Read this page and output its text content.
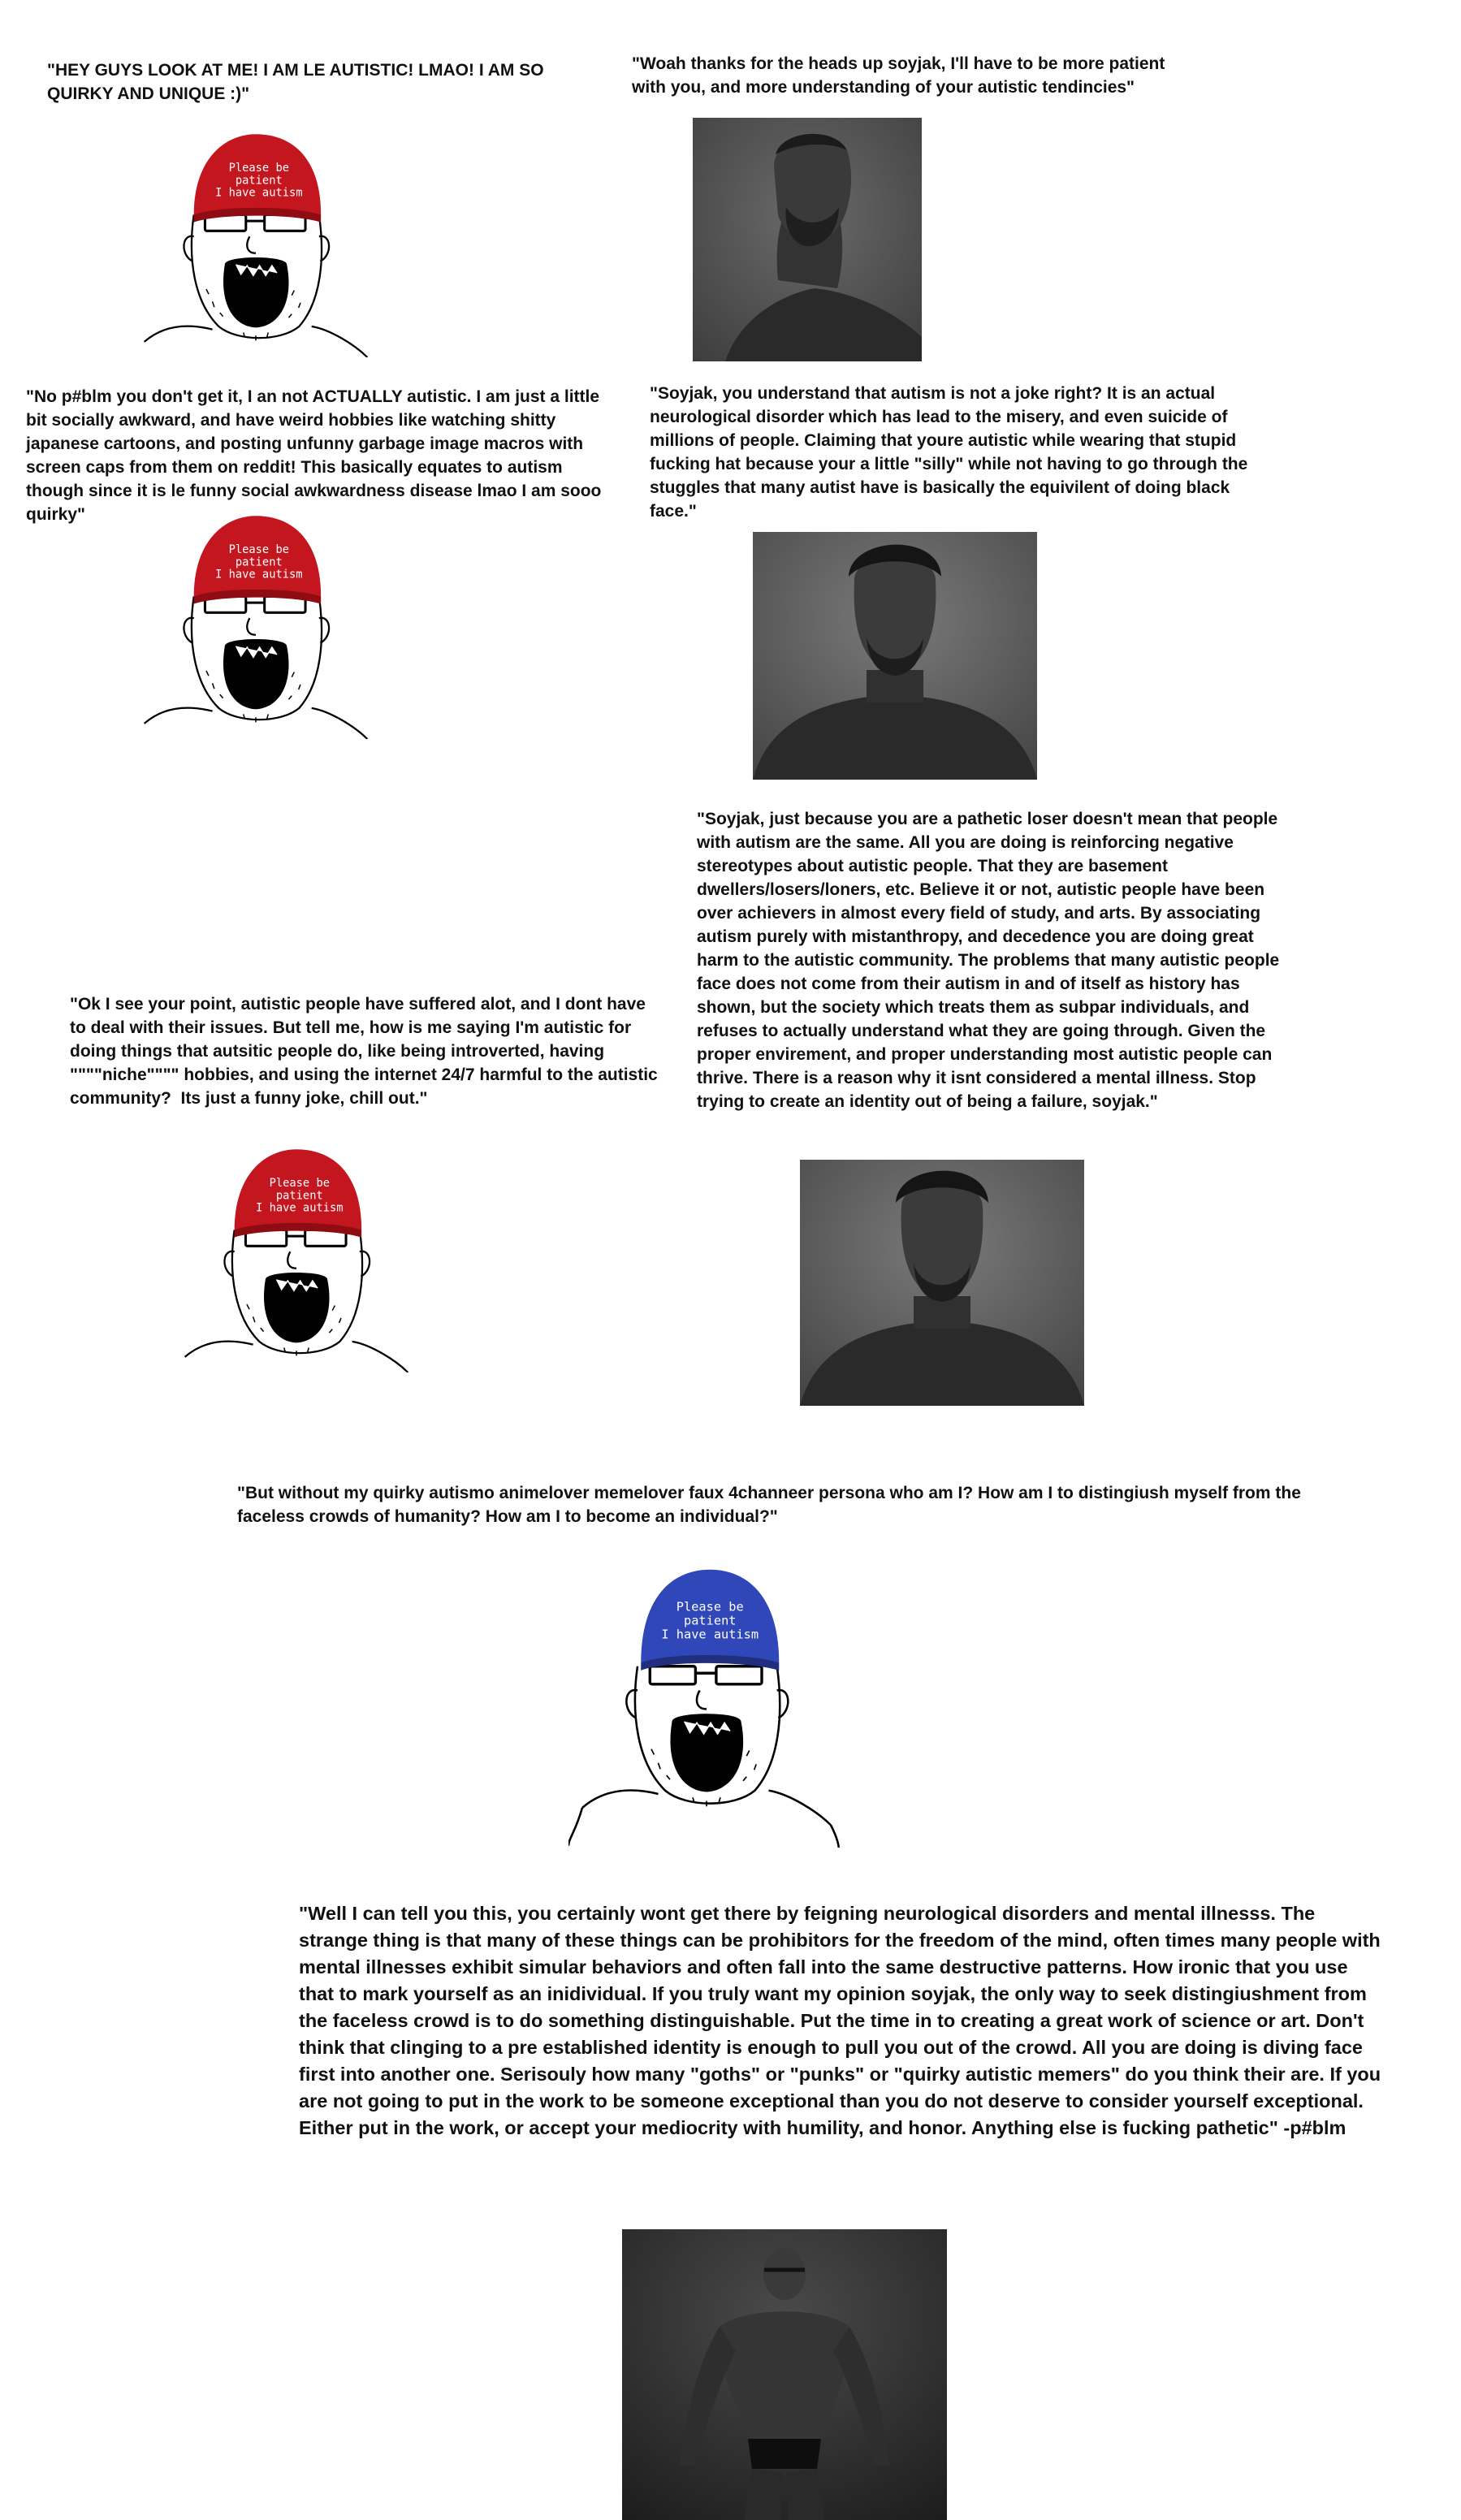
"HEY GUYS LOOK AT ME! I AM LE AUTISTIC! LMAO! I AM SO QUIRKY AND UNIQUE :)"

"Woah thanks for the heads up soyjak, I'll have to be more patient with you, and more understanding of your autistic tendincies"

"No p#blm you don't get it, I an not ACTUALLY autistic. I am just a little bit socially awkward, and have weird hobbies like watching shitty japanese cartoons, and posting unfunny garbage image macros with screen caps from them on reddit! This basically equates to autism though since it is le funny social awkwardness disease lmao I am sooo quirky"

"Soyjak, you understand that autism is not a joke right? It is an actual neurological disorder which has lead to the misery, and even suicide of millions of people. Claiming that youre autistic while wearing that stupid fucking hat because your a little "silly" while not having to go through the stuggles that many autist have is basically the equivilent of doing black face."

"Soyjak, just because you are a pathetic loser doesn't mean that people with autism are the same. All you are doing is reinforcing negative stereotypes about autistic people. That they are basement dwellers/losers/loners, etc. Believe it or not, autistic people have been over achievers in almost every field of study, and arts. By associating autism purely with mistanthropy, and decedence you are doing great harm to the autistic community. The problems that many autistic people face does not come from their autism in and of itself as history has shown, but the society which treats them as subpar individuals, and refuses to actually understand what they are going through. Given the proper envirement, and proper understanding most autistic people can thrive. There is a reason why it isnt considered a mental illness. Stop trying to create an identity out of being a failure, soyjak."

"Ok I see your point, autistic people have suffered alot, and I dont have to deal with their issues. But tell me, how is me saying I'm autistic for doing things that autsitic people do, like being introverted, having """"niche"""" hobbies, and using the internet 24/7 harmful to the autistic community?  Its just a funny joke, chill out."

"But without my quirky autismo animelover memelover faux 4channeer persona who am I? How am I to distingiush myself from the faceless crowds of humanity? How am I to become an individual?"

"Well I can tell you this, you certainly wont get there by feigning neurological disorders and mental illnesss. The strange thing is that many of these things can be prohibitors for the freedom of the mind, often times many people with mental illnesses exhibit simular behaviors and often fall into the same destructive patterns. How ironic that you use that to mark yourself as an inidividual. If you truly want my opinion soyjak, the only way to seek distingiushment from the faceless crowd is to do something distinguishable. Put the time in to creating a great work of science or art. Don't think that clinging to a pre established identity is enough to pull you out of the crowd. All you are doing is diving face first into another one. Serisouly how many "goths" or "punks" or "quirky autistic memers" do you think their are. If you are not going to put in the work to be someone exceptional than you do not deserve to consider yourself exceptional. Either put in the work, or accept your mediocrity with humility, and honor. Anything else is fucking pathetic" -p#blm

Please be
patient
I have autism
Please be
patient
I have autism
Please be
patient
I have autism
Please be
patient
I have autism
